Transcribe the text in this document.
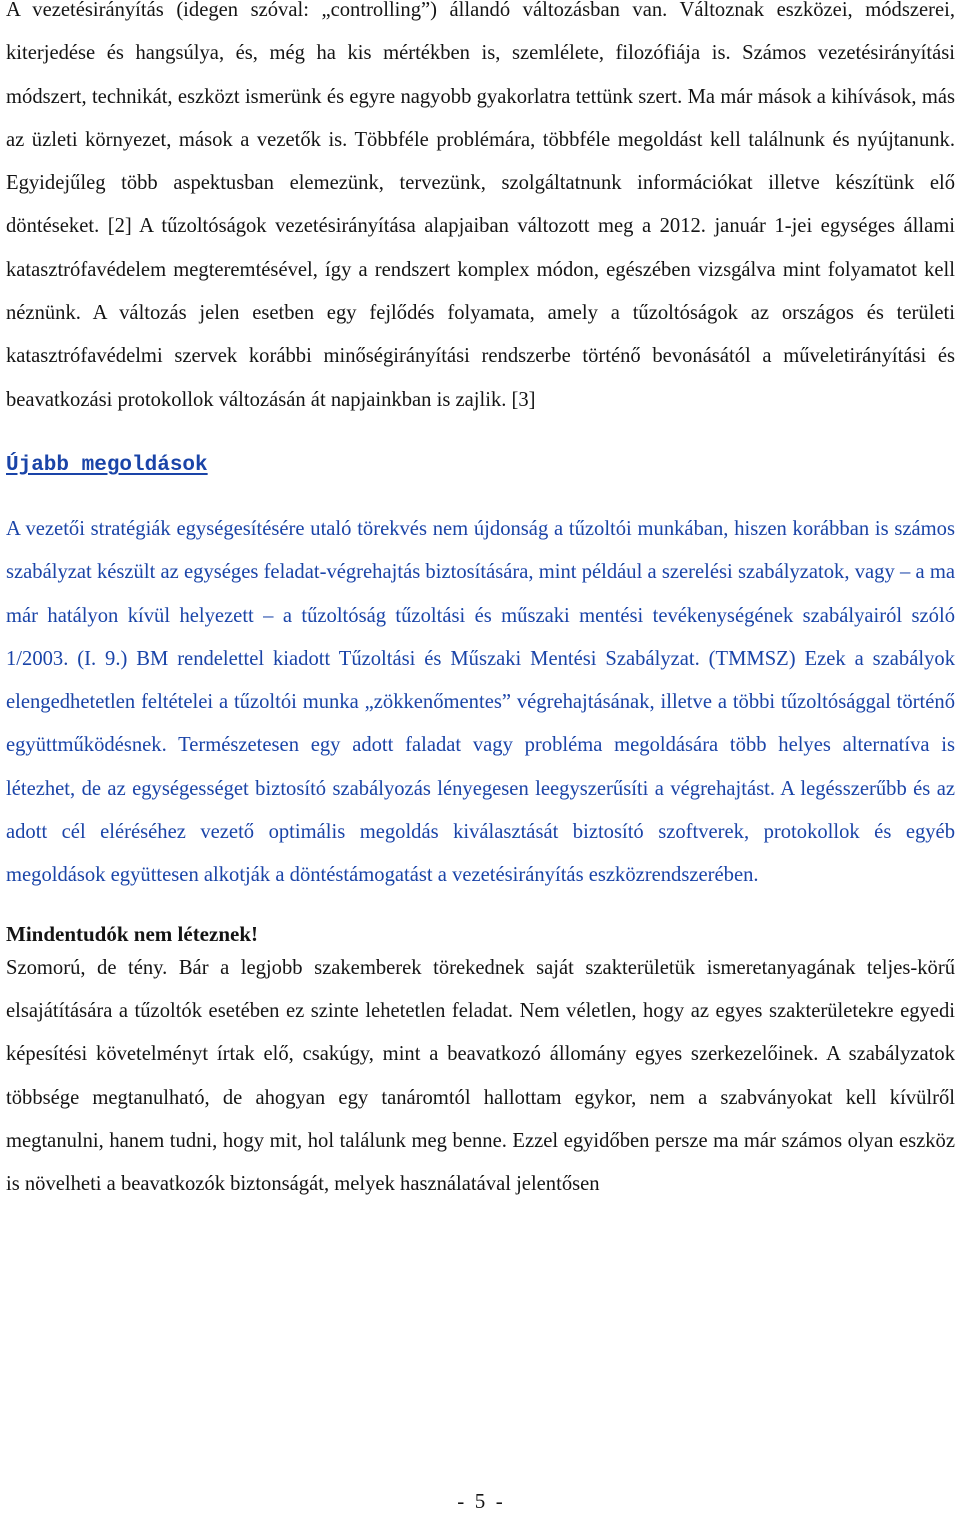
A vezetésirányítás (idegen szóval: „controlling”) állandó változásban van. Változnak eszközei, módszerei, kiterjedése és hangsúlya, és, még ha kis mértékben is, szemlélete, filozófiája is. Számos vezetésirányítási módszert, technikát, eszközt ismerünk és egyre nagyobb gyakorlatra tettünk szert. Ma már mások a kihívások, más az üzleti környezet, mások a vezetők is. Többféle problémára, többféle megoldást kell találnunk és nyújtanunk. Egyidejűleg több aspektusban elemezünk, tervezünk, szolgáltatnunk információkat illetve készítünk elő döntéseket. [2] A tűzoltóságok vezetésirányítása alapjaiban változott meg a 2012. január 1-jei egységes állami katasztrófavédelem megteremtésével, így a rendszert komplex módon, egészében vizsgálva mint folyamatot kell néznünk. A változás jelen esetben egy fejlődés folyamata, amely a tűzoltóságok az országos és területi katasztrófavédelmi szervek korábbi minőségirányítási rendszerbe történő bevonásától a műveletirányítási és beavatkozási protokollok változásán át napjainkban is zajlik. [3]

Újabb megoldások

A vezetői stratégiák egységesítésére utaló törekvés nem újdonság a tűzoltói munkában, hiszen korábban is számos szabályzat készült az egységes feladat-végrehajtás biztosítására, mint például a szerelési szabályzatok, vagy – a ma már hatályon kívül helyezett – a tűzoltóság tűzoltási és műszaki mentési tevékenységének szabályairól szóló 1/2003. (I. 9.) BM rendelettel kiadott Tűzoltási és Műszaki Mentési Szabályzat. (TMMSZ) Ezek a szabályok elengedhetetlen feltételei a tűzoltói munka „zökkenőmentes” végrehajtásának, illetve a többi tűzoltósággal történő együttműködésnek. Természetesen egy adott faladat vagy probléma megoldására több helyes alternatíva is létezhet, de az egységességet biztosító szabályozás lényegesen leegyszerűsíti a végrehajtást. A legésszerűbb és az adott cél eléréséhez vezető optimális megoldás kiválasztását biztosító szoftverek, protokollok és egyéb megoldások együttesen alkotják a döntéstámogatást a vezetésirányítás eszközrendszerében.

Mindentudók nem léteznek!

Szomorú, de tény. Bár a legjobb szakemberek törekednek saját szakterületük ismeretanyagának teljes-körű elsajátítására a tűzoltók esetében ez szinte lehetetlen feladat. Nem véletlen, hogy az egyes szakterületekre egyedi képesítési követelményt írtak elő, csakúgy, mint a beavatkozó állomány egyes szerkezelőinek. A szabályzatok többsége megtanulható, de ahogyan egy tanáromtól hallottam egykor, nem a szabványokat kell kívülről megtanulni, hanem tudni, hogy mit, hol találunk meg benne. Ezzel egyidőben persze ma már számos olyan eszköz is növelheti a beavatkozók biztonságát, melyek használatával jelentősen

-  5  -
